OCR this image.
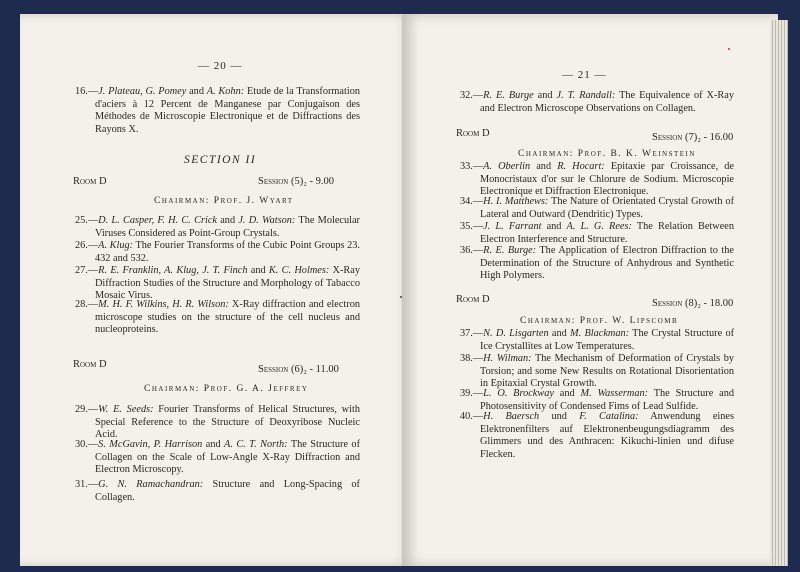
— 20 —
16.—J. Plateau, G. Pomey and A. Kohn: Etude de la Transformation d'aciers à 12 Percent de Manganese par Conjugaison des Méthodes de Microscopie Electronique et de Diffractions des Rayons X.
SECTION II
Room D	Session (5)₂ - 9.00
Chairman: Prof. J. Wyart
25.—D. L. Casper, F. H. C. Crick and J. D. Watson: The Molecular Viruses Considered as Point-Group Crystals.
26.—A. Klug: The Fourier Transforms of the Cubic Point Groups 23. 432 and 532.
27.—R. E. Franklin, A. Klug, J. T. Finch and K. C. Holmes: X-Ray Diffraction Studies of the Structure and Morphology of Tabacco Mosaic Virus.
28.—M. H. F. Wilkins, H. R. Wilson: X-Ray diffraction and electron microscope studies on the structure of the cell nucleus and nucleoproteins.
Room D	Session (6)₂ - 11.00
Chairman: Prof. G. A. Jeffrey
29.—W. E. Seeds: Fourier Transforms of Helical Structures, with Special Reference to the Structure of Deoxyribose Nucleic Acid.
30.—S. McGavin, P. Harrison and A. C. T. North: The Structure of Collagen on the Scale of Low-Angle X-Ray Diffraction and Electron Microscopy.
31.—G. N. Ramachandran: Structure and Long-Spacing of Collagen.
— 21 —
32.—R. E. Burge and J. T. Randall: The Equivalence of X-Ray and Electron Microscope Observations on Collagen.
Room D	Session (7)₂ - 16.00
Chairman: Prof. B. K. Weinstein
33.—A. Oberlin and R. Hocart: Epitaxie par Croissance, de Monocristaux d'or sur le Chlorure de Sodium. Microscopie Electronique et Diffraction Electronique.
34.—H. I. Matthews: The Nature of Orientated Crystal Growth of Lateral and Outward (Dendritic) Types.
35.—J. L. Farrant and A. L. G. Rees: The Relation Between Electron Interference and Structure.
36.—R. E. Burge: The Application of Electron Diffraction to the Determination of the Structure of Anhydrous and Synthetic High Polymers.
Room D	Session (8)₂ - 18.00
Chairman: Prof. W. Lipscomb
37.—N. D. Lisgarten and M. Blackman: The Crystal Structure of Ice Crystallites at Low Temperatures.
38.—H. Wilman: The Mechanism of Deformation of Crystals by Torsion; and some New Results on Rotational Disorientation in Epitaxial Crystal Growth.
39.—L. O. Brockway and M. Wasserman: The Structure and Photosensitivity of Condensed Fims of Lead Sulfide.
40.—H. Baersch und F. Catalina: Anwendung eines Elektronenfilters auf Elektronenbeugungsdiagramm des Glimmers und des Anthracen: Kikuchi-linien und difuse Flecken.
